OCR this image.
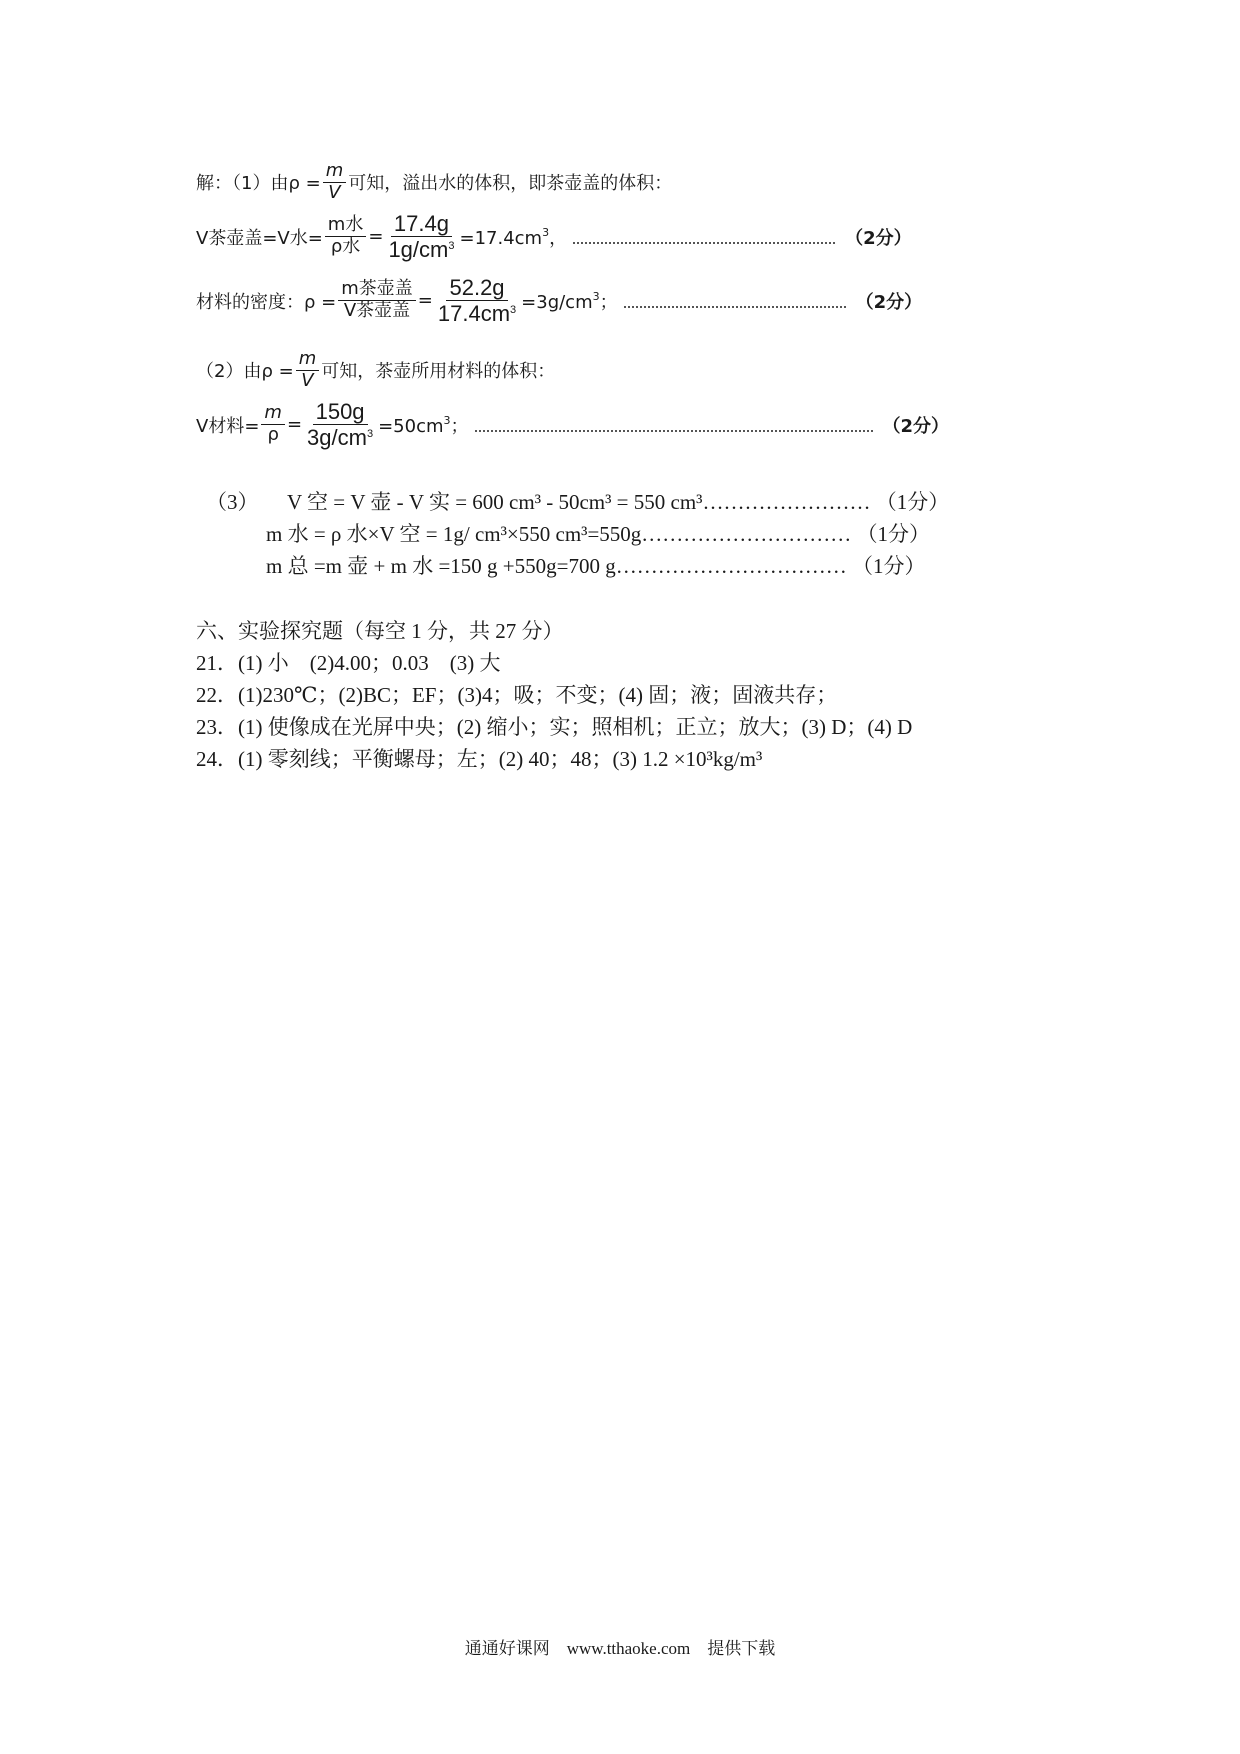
解：（1）由$\rho = \frac{m}{V}$ 可知，溢出水的体积，即茶壶盖的体积：
V茶壶盖=V水= $\frac{\text{m水}}{\text{ρ水}} = \frac{17.4g}{1g/cm^3} =17.4cm^3$，	（2分）
材料的密度：$\rho = \frac{\text{m茶壶盖}}{\text{V茶壶盖}} = \frac{52.2g}{17.4cm^3} =3g/cm^3$；	（2分）
（2）由$\rho = \frac{m}{V}$ 可知，茶壶所用材料的体积：
V材料= $\frac{m}{\rho} = \frac{150g}{3g/cm^3} =50cm^3$；	（2分）
（3） V 空 = V 壶 - V 实 = 600 cm³ - 50cm³ = 550 cm³…………………… （1分）
m 水 = ρ 水×V 空 = 1g/ cm³×550 cm³=550g………………………… （1分）
m 总 =m 壶 + m 水 =150 g +550g=700 g…………………………… （1分）
六、实验探究题（每空 1 分，共 27 分）
21．(1) 小　(2)4.00；0.03　(3) 大
22．(1)230℃；(2)BC；EF；(3)4；吸；不变；(4) 固；液；固液共存；
23．(1) 使像成在光屏中央；(2) 缩小；实；照相机；正立；放大；(3) D；(4) D
24．(1) 零刻线；平衡螺母；左；(2) 40；48；(3) 1.2 ×10³kg/m³
通通好课网　www.tthaoke.com　提供下载
